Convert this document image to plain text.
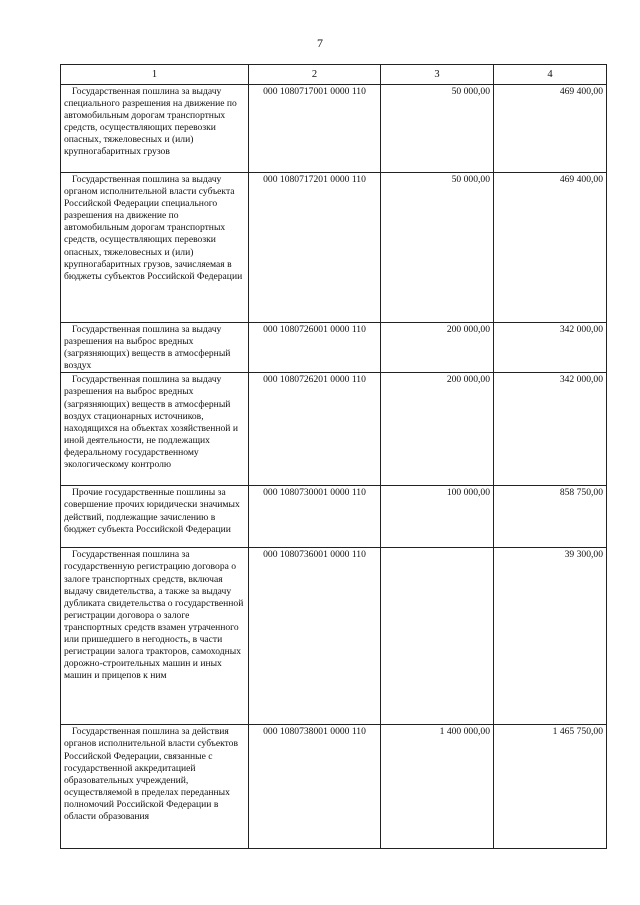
7
1	2	3	4

Государственная пошлина за выдачу специального разрешения на движение по автомобильным дорогам транспортных средств, осуществляющих перевозки опасных, тяжеловесных и (или) крупногабаритных грузов	000 1080717001 0000 110	50 000,00	469 400,00

Государственная пошлина за выдачу органом исполнительной власти субъекта Российской Федерации специального разрешения на движение по автомобильным дорогам транспортных средств, осуществляющих перевозки опасных, тяжеловесных и (или) крупногабаритных грузов, зачисляемая в бюджеты субъектов Российской Федерации	000 1080717201 0000 110	50 000,00	469 400,00

Государственная пошлина за выдачу разрешения на выброс вредных (загрязняющих) веществ в атмосферный воздух	000 1080726001 0000 110	200 000,00	342 000,00

Государственная пошлина за выдачу разрешения на выброс вредных (загрязняющих) веществ в атмосферный воздух стационарных источников, находящихся на объектах хозяйственной и иной деятельности, не подлежащих федеральному государственному экологическому контролю	000 1080726201 0000 110	200 000,00	342 000,00

Прочие государственные пошлины за совершение прочих юридически значимых действий, подлежащие зачислению в бюджет субъекта Российской Федерации	000 1080730001 0000 110	100 000,00	858 750,00

Государственная пошлина за государственную регистрацию договора о залоге транспортных средств, включая выдачу свидетельства, а также за выдачу дубликата свидетельства о государственной регистрации договора о залоге транспортных средств взамен утраченного или пришедшего в негодность, в части регистрации залога тракторов, самоходных дорожно-строительных машин и иных машин и прицепов к ним	000 1080736001 0000 110		39 300,00

Государственная пошлина за действия органов исполнительной власти субъектов Российской Федерации, связанные с государственной аккредитацией образовательных учреждений, осуществляемой в пределах переданных полномочий Российской Федерации в области образования	000 1080738001 0000 110	1 400 000,00	1 465 750,00
